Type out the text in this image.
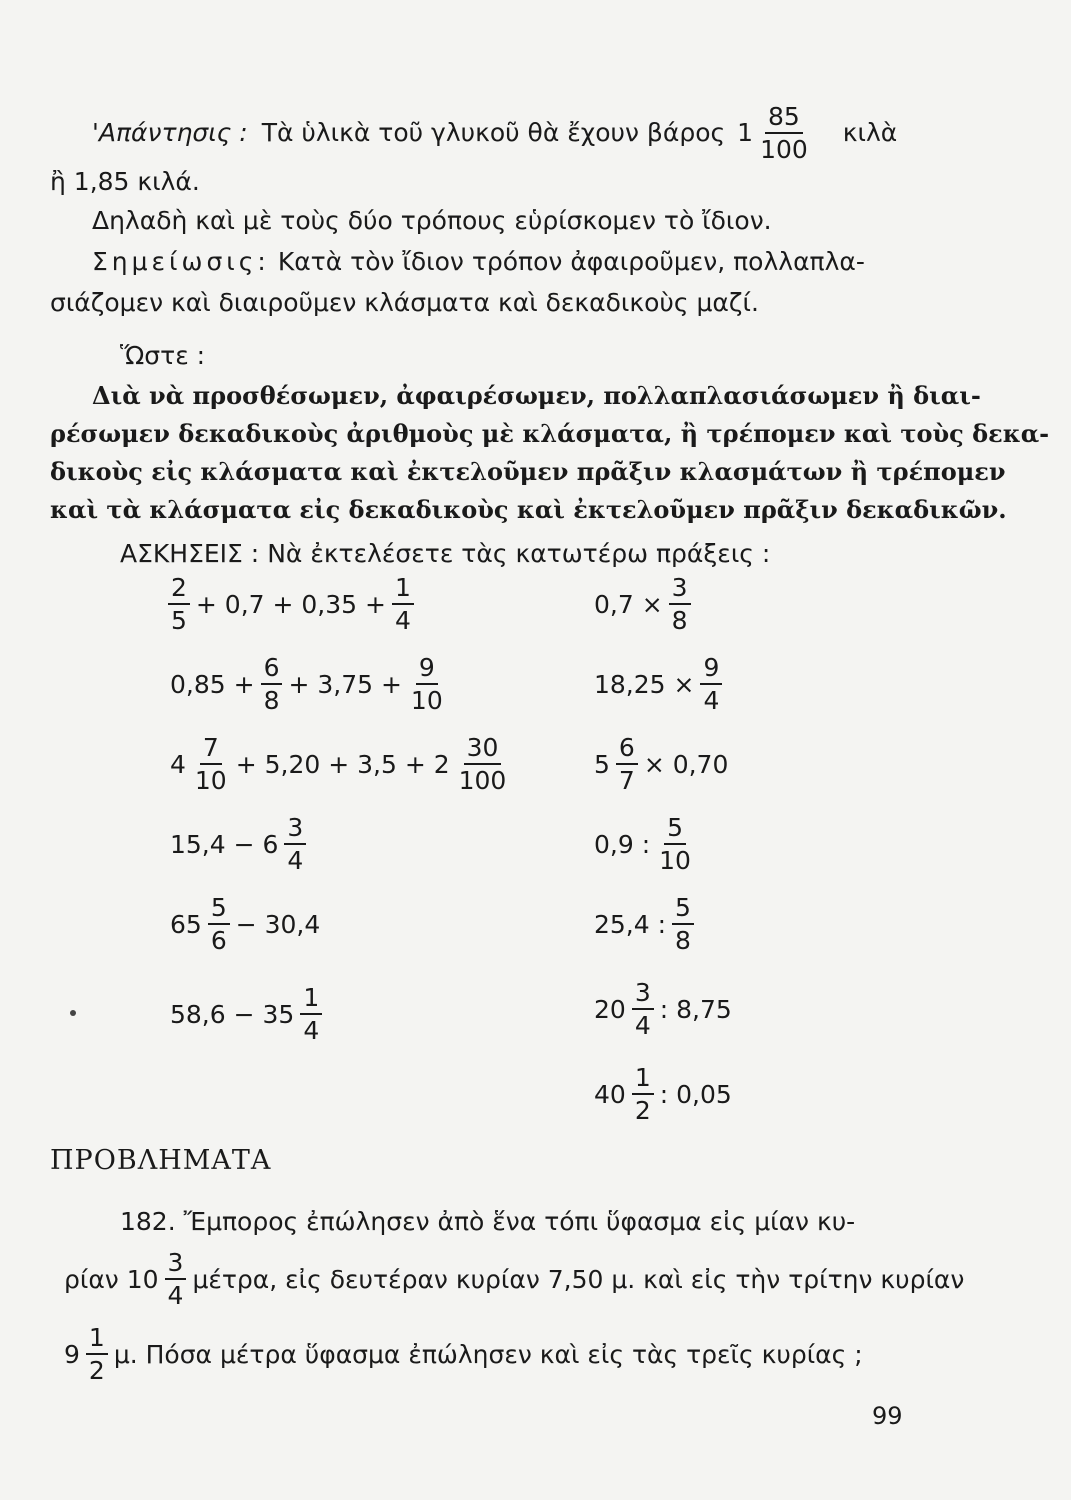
'Απάντησις : Τὰ ὑλικὰ τοῦ γλυκοῦ θὰ ἔχουν βάρος $1 \frac{85}{100}$ κιλὰ
ἢ 1,85 κιλά.
Δηλαδὴ καὶ μὲ τοὺς δύο τρόπους εὑρίσκομεν τὸ ἴδιον.
Σημείωσις: Κατὰ τὸν ἴδιον τρόπον ἀφαιροῦμεν, πολλαπλα-
σιάζομεν καὶ διαιροῦμεν κλάσματα καὶ δεκαδικοὺς μαζί.
Ὥστε :
Διὰ νὰ προσθέσωμεν, ἀφαιρέσωμεν, πολλαπλασιάσωμεν ἢ διαι-
ρέσωμεν δεκαδικοὺς ἀριθμοὺς μὲ κλάσματα, ἢ τρέπομεν καὶ τοὺς δεκα-
δικοὺς εἰς κλάσματα καὶ ἐκτελοῦμεν πρᾶξιν κλασμάτων ἢ τρέπομεν
καὶ τὰ κλάσματα εἰς δεκαδικοὺς καὶ ἐκτελοῦμεν πρᾶξιν δεκαδικῶν.
ΑΣΚΗΣΕΙΣ : Νὰ ἐκτελέσετε τὰς κατωτέρω πράξεις :
$\frac{2}{5} + 0,7 + 0,35 + \frac{1}{4}$
$0,85 + \frac{6}{8} + 3,75 + \frac{9}{10}$
$4 \frac{7}{10} + 5,20 + 3,5 + 2 \frac{30}{100}$
$15,4 - 6 \frac{3}{4}$
$65 \frac{5}{6} - 30,4$
$58,6 - 35 \frac{1}{4}$
$0,7 \times \frac{3}{8}$
$18,25 \times \frac{9}{4}$
$5 \frac{6}{7} \times 0,70$
0,9 : $\frac{5}{10}$
25,4 : $\frac{5}{8}$
$20 \frac{3}{4}$ : 8,75
$40 \frac{1}{2}$ : 0,05
ΠΡΟΒΛΗΜΑΤΑ
182. Ἔμπορος ἐπώλησεν ἀπὸ ἕνα τόπι ὕφασμα εἰς μίαν κυ-
ρίαν $10 \frac{3}{4} \mu έ\tau\rho\alpha$, εἰς δευτέραν κυρίαν 7,50 μ. καὶ εἰς τὴν τρίτην κυρίαν
$9 \frac{1}{2} \mu$. Πόσα μέτρα ὕφασμα ἐπώλησεν καὶ εἰς τὰς τρεῖς κυρίας ;
99
